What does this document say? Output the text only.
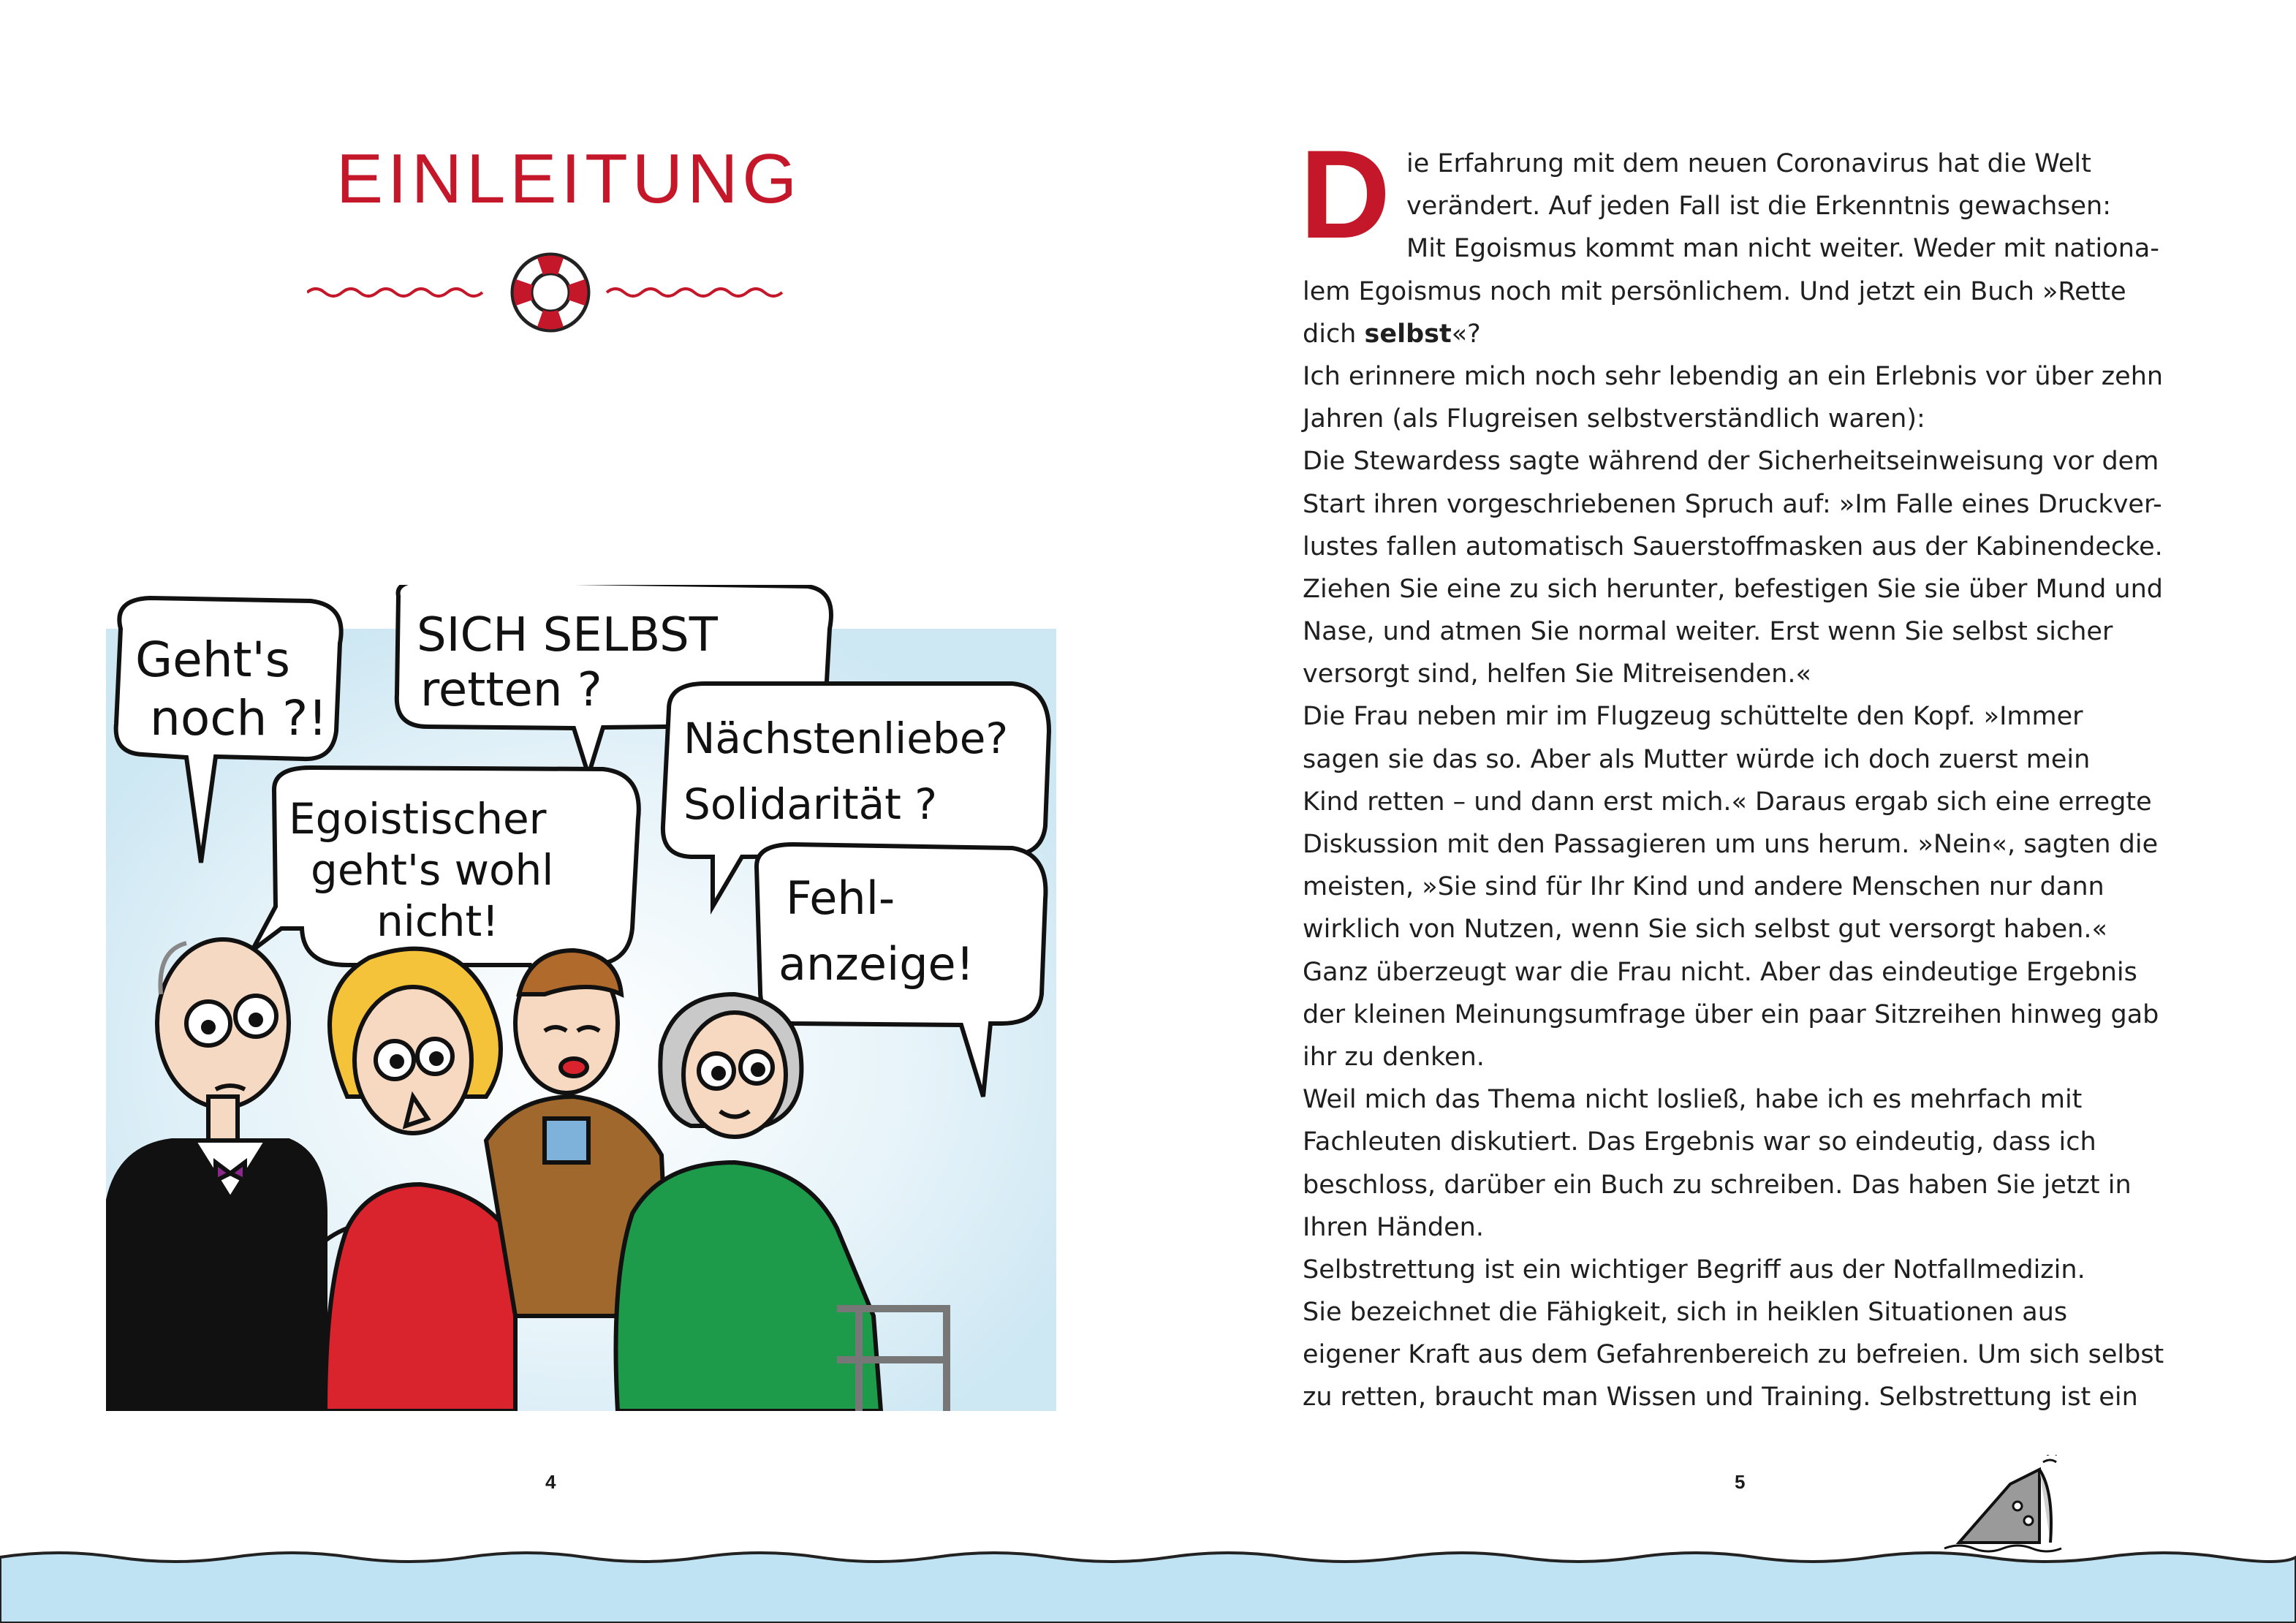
EINLEITUNG
Geht's
noch ?!
SICH SELBST
retten ?
Nächstenliebe?
Solidarität ?
Egoistischer
geht's wohl
nicht!	Fehl-
anzeige!
4
D ie Erfahrung mit dem neuen Coronavirus hat die Welt
verändert. Auf jeden Fall ist die Erkenntnis gewachsen:
Mit Egoismus kommt man nicht weiter. Weder mit nationa-
lem Egoismus noch mit persönlichem. Und jetzt ein Buch »Rette
dich selbst«?
Ich erinnere mich noch sehr lebendig an ein Erlebnis vor über zehn
Jahren (als Flugreisen selbstverständlich waren):
Die Stewardess sagte während der Sicherheitseinweisung vor dem
Start ihren vorgeschriebenen Spruch auf: »Im Falle eines Druckver-
lustes fallen automatisch Sauerstoffmasken aus der Kabinendecke.
Ziehen Sie eine zu sich herunter, befestigen Sie sie über Mund und
Nase, und atmen Sie normal weiter. Erst wenn Sie selbst sicher
versorgt sind, helfen Sie Mitreisenden.«
Die Frau neben mir im Flugzeug schüttelte den Kopf. »Immer
sagen sie das so. Aber als Mutter würde ich doch zuerst mein
Kind retten – und dann erst mich.« Daraus ergab sich eine erregte
Diskussion mit den Passagieren um uns herum. »Nein«, sagten die
meisten, »Sie sind für Ihr Kind und andere Menschen nur dann
wirklich von Nutzen, wenn Sie sich selbst gut versorgt haben.«
Ganz überzeugt war die Frau nicht. Aber das eindeutige Ergebnis
der kleinen Meinungsumfrage über ein paar Sitzreihen hinweg gab
ihr zu denken.
Weil mich das Thema nicht losließ, habe ich es mehrfach mit
Fachleuten diskutiert. Das Ergebnis war so eindeutig, dass ich
beschloss, darüber ein Buch zu schreiben. Das haben Sie jetzt in
Ihren Händen.
Selbstrettung ist ein wichtiger Begriff aus der Notfallmedizin.
Sie bezeichnet die Fähigkeit, sich in heiklen Situationen aus
eigener Kraft aus dem Gefahrenbereich zu befreien. Um sich selbst
zu retten, braucht man Wissen und Training. Selbstrettung ist ein
5
